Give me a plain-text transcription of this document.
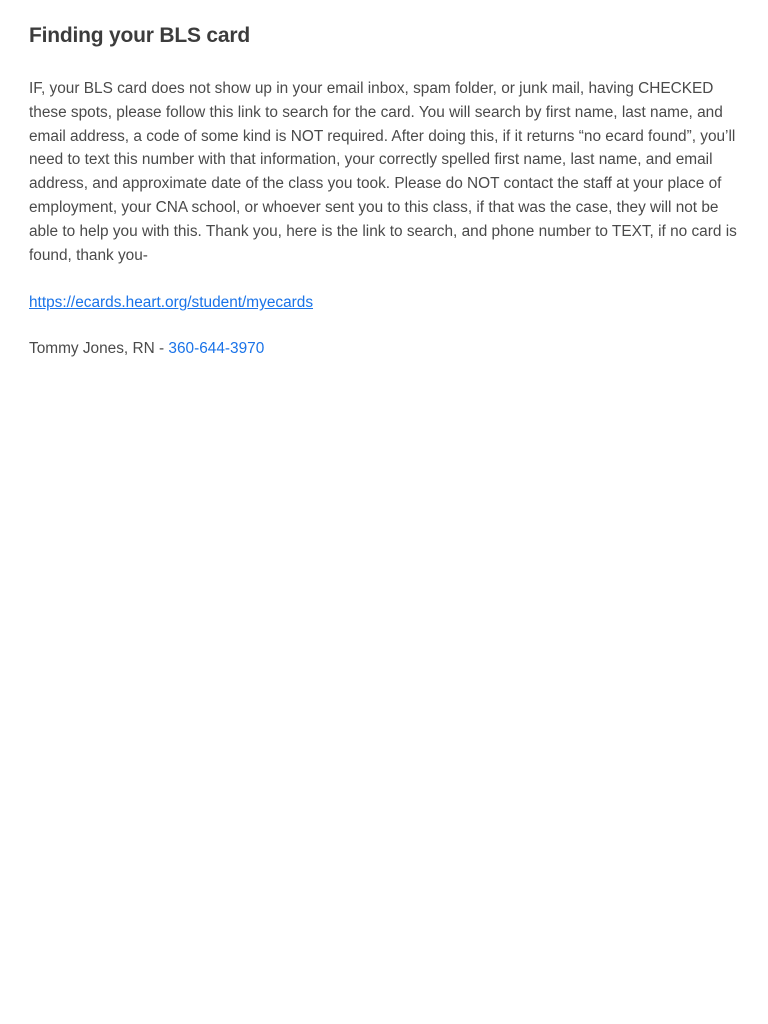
Finding your BLS card

IF, your BLS card does not show up in your email inbox, spam folder, or junk mail, having CHECKED these spots, please follow this link to search for the card. You will search by first name, last name, and email address, a code of some kind is NOT required. After doing this, if it returns “no ecard found”, you’ll need to text this number with that information, your correctly spelled first name, last name, and email address, and approximate date of the class you took. Please do NOT contact the staff at your place of employment, your CNA school, or whoever sent you to this class, if that was the case, they will not be able to help you with this. Thank you, here is the link to search, and phone number to TEXT, if no card is found, thank you-

https://ecards.heart.org/student/myecards

Tommy Jones, RN - 360-644-3970
